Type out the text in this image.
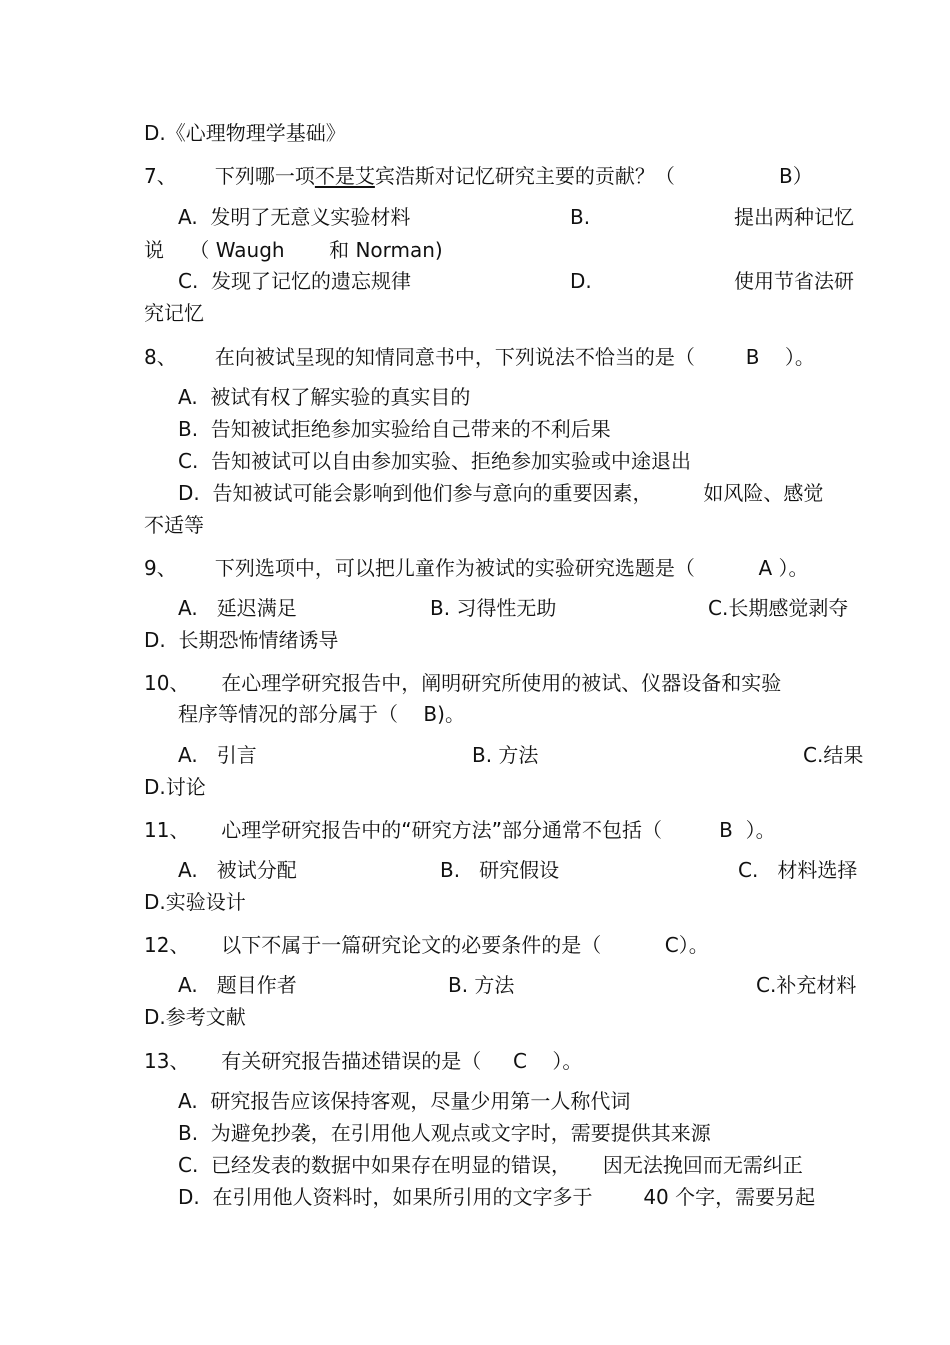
D.《心理物理学基础》
7、      下列哪一项不是艾宾浩斯对记忆研究主要的贡献？（	B）
A.  发明了无意义实验材料	B.	提出两种记忆
说    （ Waugh       和 Norman)
C.  发现了记忆的遗忘规律	D.	使用节省法研
究记忆
8、      在向被试呈现的知情同意书中，下列说法不恰当的是（        B    ）。
A.  被试有权了解实验的真实目的
B.  告知被试拒绝参加实验给自己带来的不利后果
C.  告知被试可以自由参加实验、拒绝参加实验或中途退出
D.  告知被试可能会影响到他们参与意向的重要因素，        如风险、感觉
不适等
9、      下列选项中，可以把儿童作为被试的实验研究选题是（          A ）。
A.   延迟满足	B. 习得性无助	C.长期感觉剥夺
D.  长期恐怖情绪诱导
10、     在心理学研究报告中，阐明研究所使用的被试、仪器设备和实验
程序等情况的部分属于（    B)。
A.   引言	B. 方法	C.结果
D.讨论
11、     心理学研究报告中的“研究方法”部分通常不包括（         B  ）。
A.   被试分配	B.   研究假设	C.   材料选择
D.实验设计
12、     以下不属于一篇研究论文的必要条件的是（          C）。
A.   题目作者	B. 方法	C.补充材料
D.参考文献
13、     有关研究报告描述错误的是（     C    ）。
A.  研究报告应该保持客观，尽量少用第一人称代词
B.  为避免抄袭，在引用他人观点或文字时，需要提供其来源
C.  已经发表的数据中如果存在明显的错误，     因无法挽回而无需纠正
D.  在引用他人资料时，如果所引用的文字多于        40 个字，需要另起
